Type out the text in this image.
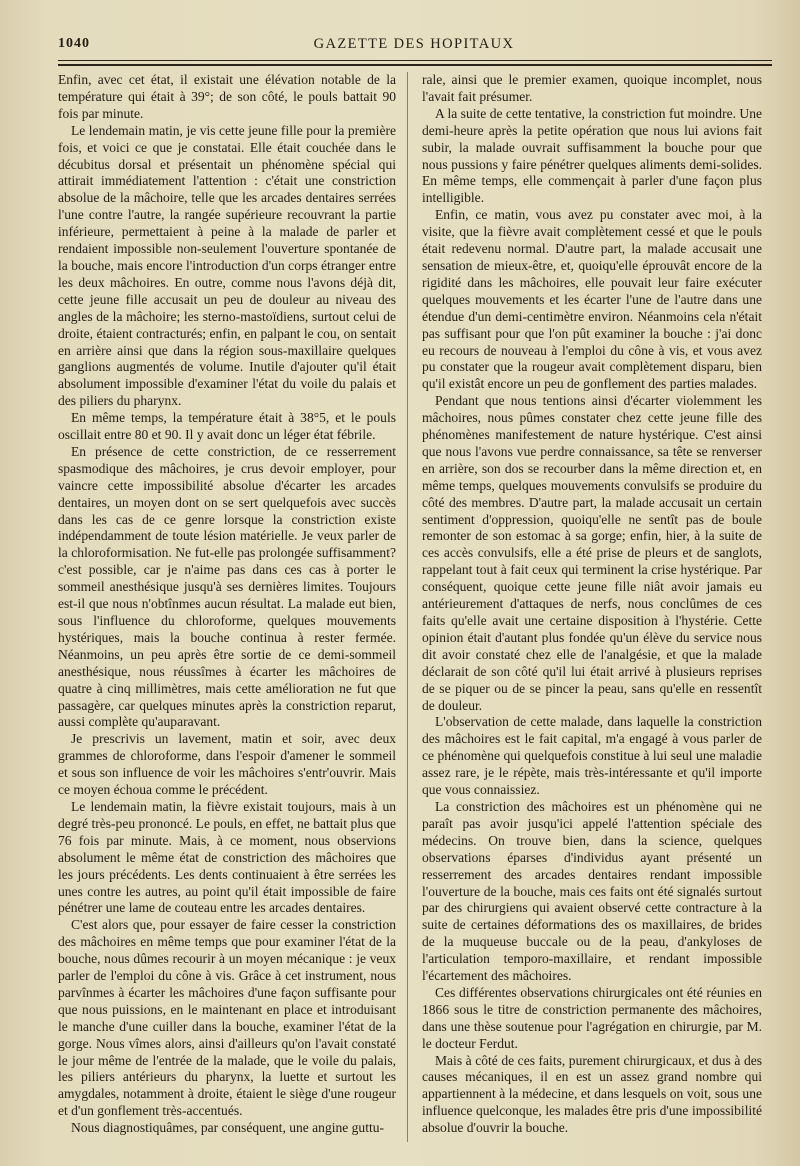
1040	GAZETTE DES HOPITAUX

Enfin, avec cet état, il existait une élévation notable de la température qui était à 39°; de son côté, le pouls battait 90 fois par minute.

Le lendemain matin, je vis cette jeune fille pour la première fois, et voici ce que je constatai. Elle était couchée dans le décubitus dorsal et présentait un phénomène spécial qui attirait immédiatement l'attention : c'était une constriction absolue de la mâchoire, telle que les arcades dentaires serrées l'une contre l'autre, la rangée supérieure recouvrant la partie inférieure, permettaient à peine à la malade de parler et rendaient impossible non-seulement l'ouverture spontanée de la bouche, mais encore l'introduction d'un corps étranger entre les deux mâchoires. En outre, comme nous l'avons déjà dit, cette jeune fille accusait un peu de douleur au niveau des angles de la mâchoire; les sterno-mastoïdiens, surtout celui de droite, étaient contracturés; enfin, en palpant le cou, on sentait en arrière ainsi que dans la région sous-maxillaire quelques ganglions augmentés de volume. Inutile d'ajouter qu'il était absolument impossible d'examiner l'état du voile du palais et des piliers du pharynx.

En même temps, la température était à 38°5, et le pouls oscillait entre 80 et 90. Il y avait donc un léger état fébrile.

En présence de cette constriction, de ce resserrement spasmodique des mâchoires, je crus devoir employer, pour vaincre cette impossibilité absolue d'écarter les arcades dentaires, un moyen dont on se sert quelquefois avec succès dans les cas de ce genre lorsque la constriction existe indépendamment de toute lésion matérielle. Je veux parler de la chloroformisation. Ne fut-elle pas prolongée suffisamment? c'est possible, car je n'aime pas dans ces cas à porter le sommeil anesthésique jusqu'à ses dernières limites. Toujours est-il que nous n'obtînmes aucun résultat. La malade eut bien, sous l'influence du chloroforme, quelques mouvements hystériques, mais la bouche continua à rester fermée. Néanmoins, un peu après être sortie de ce demi-sommeil anesthésique, nous réussîmes à écarter les mâchoires de quatre à cinq millimètres, mais cette amélioration ne fut que passagère, car quelques minutes après la constriction reparut, aussi complète qu'auparavant.

Je prescrivis un lavement, matin et soir, avec deux grammes de chloroforme, dans l'espoir d'amener le sommeil et sous son influence de voir les mâchoires s'entr'ouvrir. Mais ce moyen échoua comme le précédent.

Le lendemain matin, la fièvre existait toujours, mais à un degré très-peu prononcé. Le pouls, en effet, ne battait plus que 76 fois par minute. Mais, à ce moment, nous observions absolument le même état de constriction des mâchoires que les jours précédents. Les dents continuaient à être serrées les unes contre les autres, au point qu'il était impossible de faire pénétrer une lame de couteau entre les arcades dentaires.

C'est alors que, pour essayer de faire cesser la constriction des mâchoires en même temps que pour examiner l'état de la bouche, nous dûmes recourir à un moyen mécanique : je veux parler de l'emploi du cône à vis. Grâce à cet instrument, nous parvînmes à écarter les mâchoires d'une façon suffisante pour que nous puissions, en le maintenant en place et introduisant le manche d'une cuiller dans la bouche, examiner l'état de la gorge. Nous vîmes alors, ainsi d'ailleurs qu'on l'avait constaté le jour même de l'entrée de la malade, que le voile du palais, les piliers antérieurs du pharynx, la luette et surtout les amygdales, notamment à droite, étaient le siège d'une rougeur et d'un gonflement très-accentués.

Nous diagnostiquâmes, par conséquent, une angine guttu-

rale, ainsi que le premier examen, quoique incomplet, nous l'avait fait présumer.

A la suite de cette tentative, la constriction fut moindre. Une demi-heure après la petite opération que nous lui avions fait subir, la malade ouvrait suffisamment la bouche pour que nous pussions y faire pénétrer quelques aliments demi-solides. En même temps, elle commençait à parler d'une façon plus intelligible.

Enfin, ce matin, vous avez pu constater avec moi, à la visite, que la fièvre avait complètement cessé et que le pouls était redevenu normal. D'autre part, la malade accusait une sensation de mieux-être, et, quoiqu'elle éprouvât encore de la rigidité dans les mâchoires, elle pouvait leur faire exécuter quelques mouvements et les écarter l'une de l'autre dans une étendue d'un demi-centimètre environ. Néanmoins cela n'était pas suffisant pour que l'on pût examiner la bouche : j'ai donc eu recours de nouveau à l'emploi du cône à vis, et vous avez pu constater que la rougeur avait complètement disparu, bien qu'il existât encore un peu de gonflement des parties malades.

Pendant que nous tentions ainsi d'écarter violemment les mâchoires, nous pûmes constater chez cette jeune fille des phénomènes manifestement de nature hystérique. C'est ainsi que nous l'avons vue perdre connaissance, sa tête se renverser en arrière, son dos se recourber dans la même direction et, en même temps, quelques mouvements convulsifs se produire du côté des membres. D'autre part, la malade accusait un certain sentiment d'oppression, quoiqu'elle ne sentît pas de boule remonter de son estomac à sa gorge; enfin, hier, à la suite de ces accès convulsifs, elle a été prise de pleurs et de sanglots, rappelant tout à fait ceux qui terminent la crise hystérique. Par conséquent, quoique cette jeune fille niât avoir jamais eu antérieurement d'attaques de nerfs, nous conclûmes de ces faits qu'elle avait une certaine disposition à l'hystérie. Cette opinion était d'autant plus fondée qu'un élève du service nous dit avoir constaté chez elle de l'analgésie, et que la malade déclarait de son côté qu'il lui était arrivé à plusieurs reprises de se piquer ou de se pincer la peau, sans qu'elle en ressentît de douleur.

L'observation de cette malade, dans laquelle la constriction des mâchoires est le fait capital, m'a engagé à vous parler de ce phénomène qui quelquefois constitue à lui seul une maladie assez rare, je le répète, mais très-intéressante et qu'il importe que vous connaissiez.

La constriction des mâchoires est un phénomène qui ne paraît pas avoir jusqu'ici appelé l'attention spéciale des médecins. On trouve bien, dans la science, quelques observations éparses d'individus ayant présenté un resserrement des arcades dentaires rendant impossible l'ouverture de la bouche, mais ces faits ont été signalés surtout par des chirurgiens qui avaient observé cette contracture à la suite de certaines déformations des os maxillaires, de brides de la muqueuse buccale ou de la peau, d'ankyloses de l'articulation temporo-maxillaire, et rendant impossible l'écartement des mâchoires.

Ces différentes observations chirurgicales ont été réunies en 1866 sous le titre de constriction permanente des mâchoires, dans une thèse soutenue pour l'agrégation en chirurgie, par M. le docteur Ferdut.

Mais à côté de ces faits, purement chirurgicaux, et dus à des causes mécaniques, il en est un assez grand nombre qui appartiennent à la médecine, et dans lesquels on voit, sous une influence quelconque, les malades être pris d'une impossibilité absolue d'ouvrir la bouche.
